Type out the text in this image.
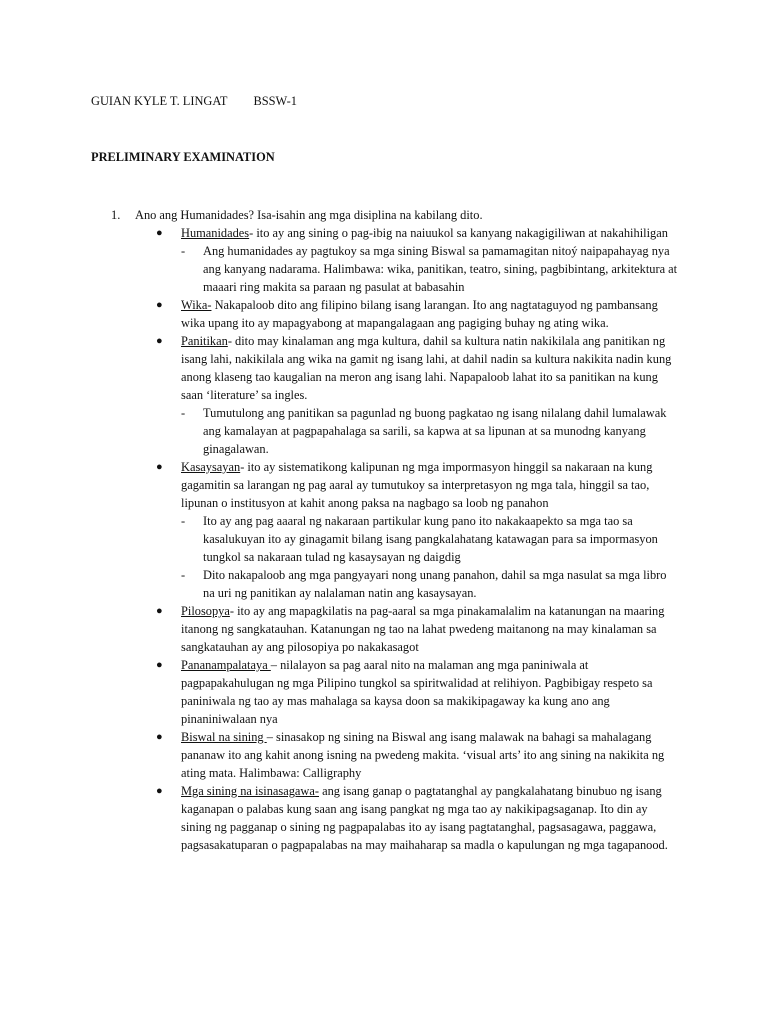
GUIAN KYLE T. LINGAT BSSW-1
PRELIMINARY EXAMINATION
1. Ano ang Humanidades? Isa-isahin ang mga disiplina na kabilang dito.
● Humanidades- ito ay ang sining o pag-ibig na naiuukol sa kanyang nakagigiliwan at nakahihiligan
- Ang humanidades ay pagtukoy sa mga sining Biswal sa pamamagitan nitoý naipapahayag nya ang kanyang nadarama. Halimbawa: wika, panitikan, teatro, sining, pagbibintang, arkitektura at maaari ring makita sa paraan ng pasulat at babasahin
● Wika- Nakapaloob dito ang filipino bilang isang larangan. Ito ang nagtataguyod ng pambansang wika upang ito ay mapagyabong at mapangalagaan ang pagiging buhay ng ating wika.
● Panitikan- dito may kinalaman ang mga kultura, dahil sa kultura natin nakikilala ang panitikan ng isang lahi, nakikilala ang wika na gamit ng isang lahi, at dahil nadin sa kultura nakikita nadin kung anong klaseng tao kaugalian na meron ang isang lahi. Napapaloob lahat ito sa panitikan na kung saan ‘literature’ sa ingles.
- Tumutulong ang panitikan sa pagunlad ng buong pagkatao ng isang nilalang dahil lumalawak ang kamalayan at pagpapahalaga sa sarili, sa kapwa at sa lipunan at sa munodng kanyang ginagalawan.
● Kasaysayan- ito ay sistematikong kalipunan ng mga impormasyon hinggil sa nakaraan na kung gagamitin sa larangan ng pag aaral ay tumutukoy sa interpretasyon ng mga tala, hinggil sa tao, lipunan o institusyon at kahit anong paksa na nagbago sa loob ng panahon
- Ito ay ang pag aaaral ng nakaraan partikular kung pano ito nakakaapekto sa mga tao sa kasalukuyan ito ay ginagamit bilang isang pangkalahatang katawagan para sa impormasyon tungkol sa nakaraan tulad ng kasaysayan ng daigdig
- Dito nakapaloob ang mga pangyayari nong unang panahon, dahil sa mga nasulat sa mga libro na uri ng panitikan ay nalalaman natin ang kasaysayan.
● Pilosopya- ito ay ang mapagkilatis na pag-aaral sa mga pinakamalalim na katanungan na maaring itanong ng sangkatauhan. Katanungan ng tao na lahat pwedeng maitanong na may kinalaman sa sangkatauhan ay ang pilosopiya po nakakasagot
● Pananampalataya – nilalayon sa pag aaral nito na malaman ang mga paniniwala at pagpapakahulugan ng mga Pilipino tungkol sa spiritwalidad at relihiyon. Pagbibigay respeto sa paniniwala ng tao ay mas mahalaga sa kaysa doon sa makikipagaway ka kung ano ang pinaniniwalaan nya
● Biswal na sining – sinasakop ng sining na Biswal ang isang malawak na bahagi sa mahalagang pananaw ito ang kahit anong isning na pwedeng makita. ‘visual arts’ ito ang sining na nakikita ng ating mata. Halimbawa: Calligraphy
● Mga sining na isinasagawa- ang isang ganap o pagtatanghal ay pangkalahatang binubuo ng isang kaganapan o palabas kung saan ang isang pangkat ng mga tao ay nakikipagsaganap. Ito din ay sining ng pagganap o sining ng pagpapalabas ito ay isang pagtatanghal, pagsasagawa, paggawa, pagsasakatuparan o pagpapalabas na may maihaharap sa madla o kapulungan ng mga tagapanood.
